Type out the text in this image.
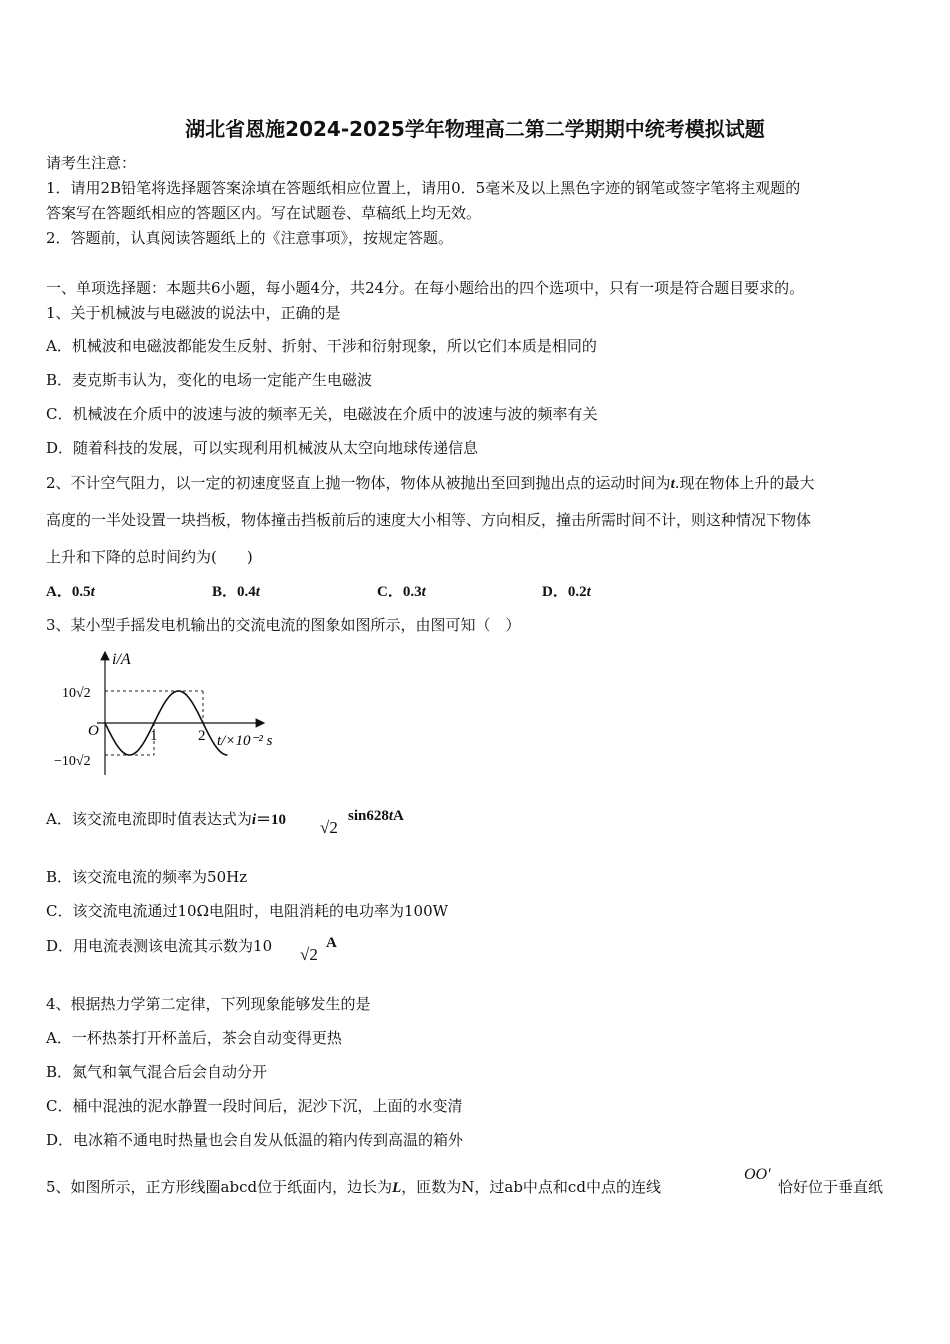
湖北省恩施2024-2025学年物理高二第二学期期中统考模拟试题
请考生注意：
1．请用2B铅笔将选择题答案涂填在答题纸相应位置上，请用0．5毫米及以上黑色字迹的钢笔或签字笔将主观题的
答案写在答题纸相应的答题区内。写在试题卷、草稿纸上均无效。
2．答题前，认真阅读答题纸上的《注意事项》，按规定答题。
一、单项选择题：本题共6小题，每小题4分，共24分。在每小题给出的四个选项中，只有一项是符合题目要求的。
1、关于机械波与电磁波的说法中，正确的是
A．机械波和电磁波都能发生反射、折射、干涉和衍射现象，所以它们本质是相同的
B．麦克斯韦认为，变化的电场一定能产生电磁波
C．机械波在介质中的波速与波的频率无关，电磁波在介质中的波速与波的频率有关
D．随着科技的发展，可以实现利用机械波从太空向地球传递信息
2、不计空气阻力，以一定的初速度竖直上抛一物体，物体从被抛出至回到抛出点的运动时间为t.现在物体上升的最大
高度的一半处设置一块挡板，物体撞击挡板前后的速度大小相等、方向相反，撞击所需时间不计，则这种情况下物体
上升和下降的总时间约为(　　)
A．0.5t	B．0.4t	C．0.3t	D．0.2t
3、某小型手摇发电机输出的交流电流的图象如图所示，由图可知（　）
i/A
10√2
−10√2
O	1	2 t/×10⁻² s
A．该交流电流即时值表达式为i＝10 √2
sin628tA
B．该交流电流的频率为50Hz
C．该交流电流通过10Ω电阻时，电阻消耗的电功率为100W
D．用电流表测该电流其示数为10 √2
A
4、根据热力学第二定律，下列现象能够发生的是
A．一杯热茶打开杯盖后，茶会自动变得更热
B．氮气和氧气混合后会自动分开
C．桶中混浊的泥水静置一段时间后，泥沙下沉，上面的水变清
D．电冰箱不通电时热量也会自发从低温的箱内传到高温的箱外
5、如图所示，正方形线圈abcd位于纸面内，边长为L，匝数为N，过ab中点和cd中点的连线
OO′
恰好位于垂直纸
